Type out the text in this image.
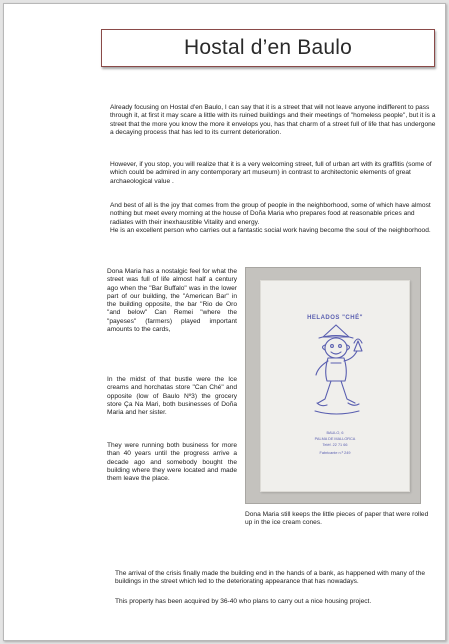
Hostal d’en Baulo

Already focusing on Hostal d'en Baulo, I can say that it is a street that will not leave anyone indifferent to pass through it, at first it may scare a little with its ruined buildings and their meetings of "homeless people", but it is a street that the more you know the more it envelops you, has that charm of a street full of life that has undergone a decaying process that has led to its current deterioration.

However, if you stop, you will realize that it is a very welcoming street, full of urban art with its graffitis (some of which could be admired in any contemporary art museum) in contrast to architectonic elements of great archaeological value .

And best of all is the joy that comes from the group of people in the neighborhood, some of which have almost nothing but meet every morning at the house of Doña Maria who prepares food at reasonable prices and radiates with their inexhaustible Vitality and energy.
He is an excellent person who carries out a fantastic social work having become the soul of the neighborhood.

Dona Maria has a nostalgic feel for what the street was full of life almost half a century ago when the "Bar Buffalo" was in the lower part of our building, the "American Bar" in the building opposite, the bar "Rio de Oro "and below" Can Remei "where the "payeses" (farmers) played important amounts to the cards,

In the midst of that bustle were the Ice creams and horchatas store "Can Ché" and opposite (low of Baulo Nº3) the grocery store Ça Na Mari, both businesses of Doña Maria and her sister.

They were running both business for more than 40 years until the progress arrive a decade ago and somebody bought the building where they were located and made them leave the place.

HELADOS "CHÉ"
BAULO, 6
PALMA DE MALLORCA
Teléf. 22 71 66
Fabricante n.º 249

Dona Maria still keeps the little pieces of paper that were rolled up in the ice cream cones.

The arrival of the crisis finally made the building end in the hands of a bank, as happened with many of the buildings in the street which led to the deteriorating appearance that has nowadays.

This property has been acquired by 36-40 who plans to carry out a nice housing project.
